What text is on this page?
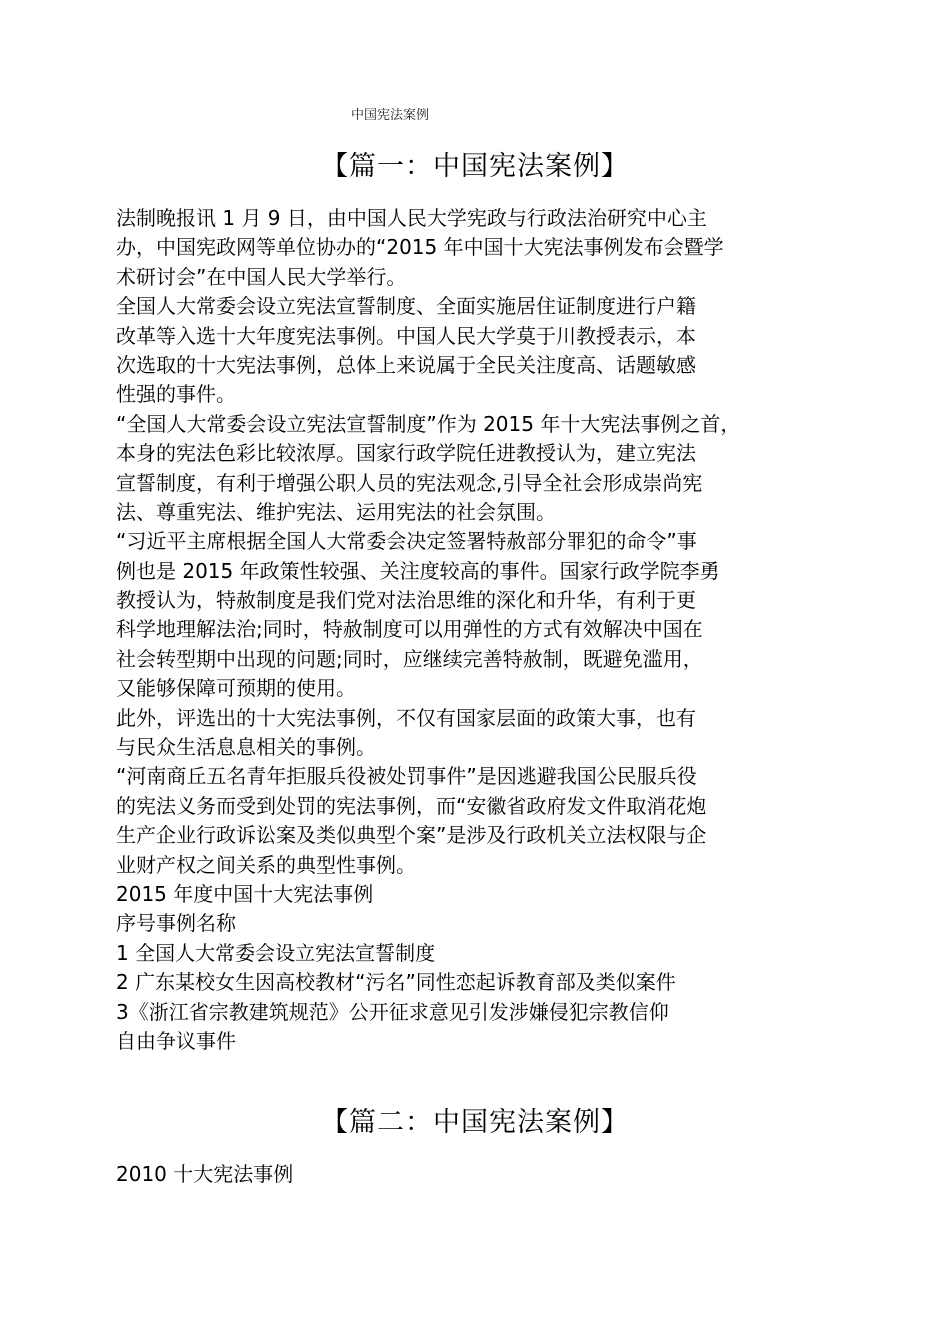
中国宪法案例
【篇一：中国宪法案例】
法制晚报讯 1 月 9 日，由中国人民大学宪政与行政法治研究中心主
办，中国宪政网等单位协办的“2015 年中国十大宪法事例发布会暨学
术研讨会”在中国人民大学举行。
全国人大常委会设立宪法宣誓制度、全面实施居住证制度进行户籍
改革等入选十大年度宪法事例。中国人民大学莫于川教授表示，本
次选取的十大宪法事例，总体上来说属于全民关注度高、话题敏感
性强的事件。
“全国人大常委会设立宪法宣誓制度”作为 2015 年十大宪法事例之首，
本身的宪法色彩比较浓厚。国家行政学院任进教授认为，建立宪法
宣誓制度，有利于增强公职人员的宪法观念,引导全社会形成崇尚宪
法、尊重宪法、维护宪法、运用宪法的社会氛围。
“习近平主席根据全国人大常委会决定签署特赦部分罪犯的命令”事
例也是 2015 年政策性较强、关注度较高的事件。国家行政学院李勇
教授认为，特赦制度是我们党对法治思维的深化和升华，有利于更
科学地理解法治;同时，特赦制度可以用弹性的方式有效解决中国在
社会转型期中出现的问题;同时，应继续完善特赦制，既避免滥用，
又能够保障可预期的使用。
此外，评选出的十大宪法事例，不仅有国家层面的政策大事，也有
与民众生活息息相关的事例。
“河南商丘五名青年拒服兵役被处罚事件”是因逃避我国公民服兵役
的宪法义务而受到处罚的宪法事例，而“安徽省政府发文件取消花炮
生产企业行政诉讼案及类似典型个案”是涉及行政机关立法权限与企
业财产权之间关系的典型性事例。
2015 年度中国十大宪法事例
序号事例名称
1 全国人大常委会设立宪法宣誓制度
2 广东某校女生因高校教材“污名”同性恋起诉教育部及类似案件
3《浙江省宗教建筑规范》公开征求意见引发涉嫌侵犯宗教信仰
自由争议事件
【篇二：中国宪法案例】
2010 十大宪法事例
